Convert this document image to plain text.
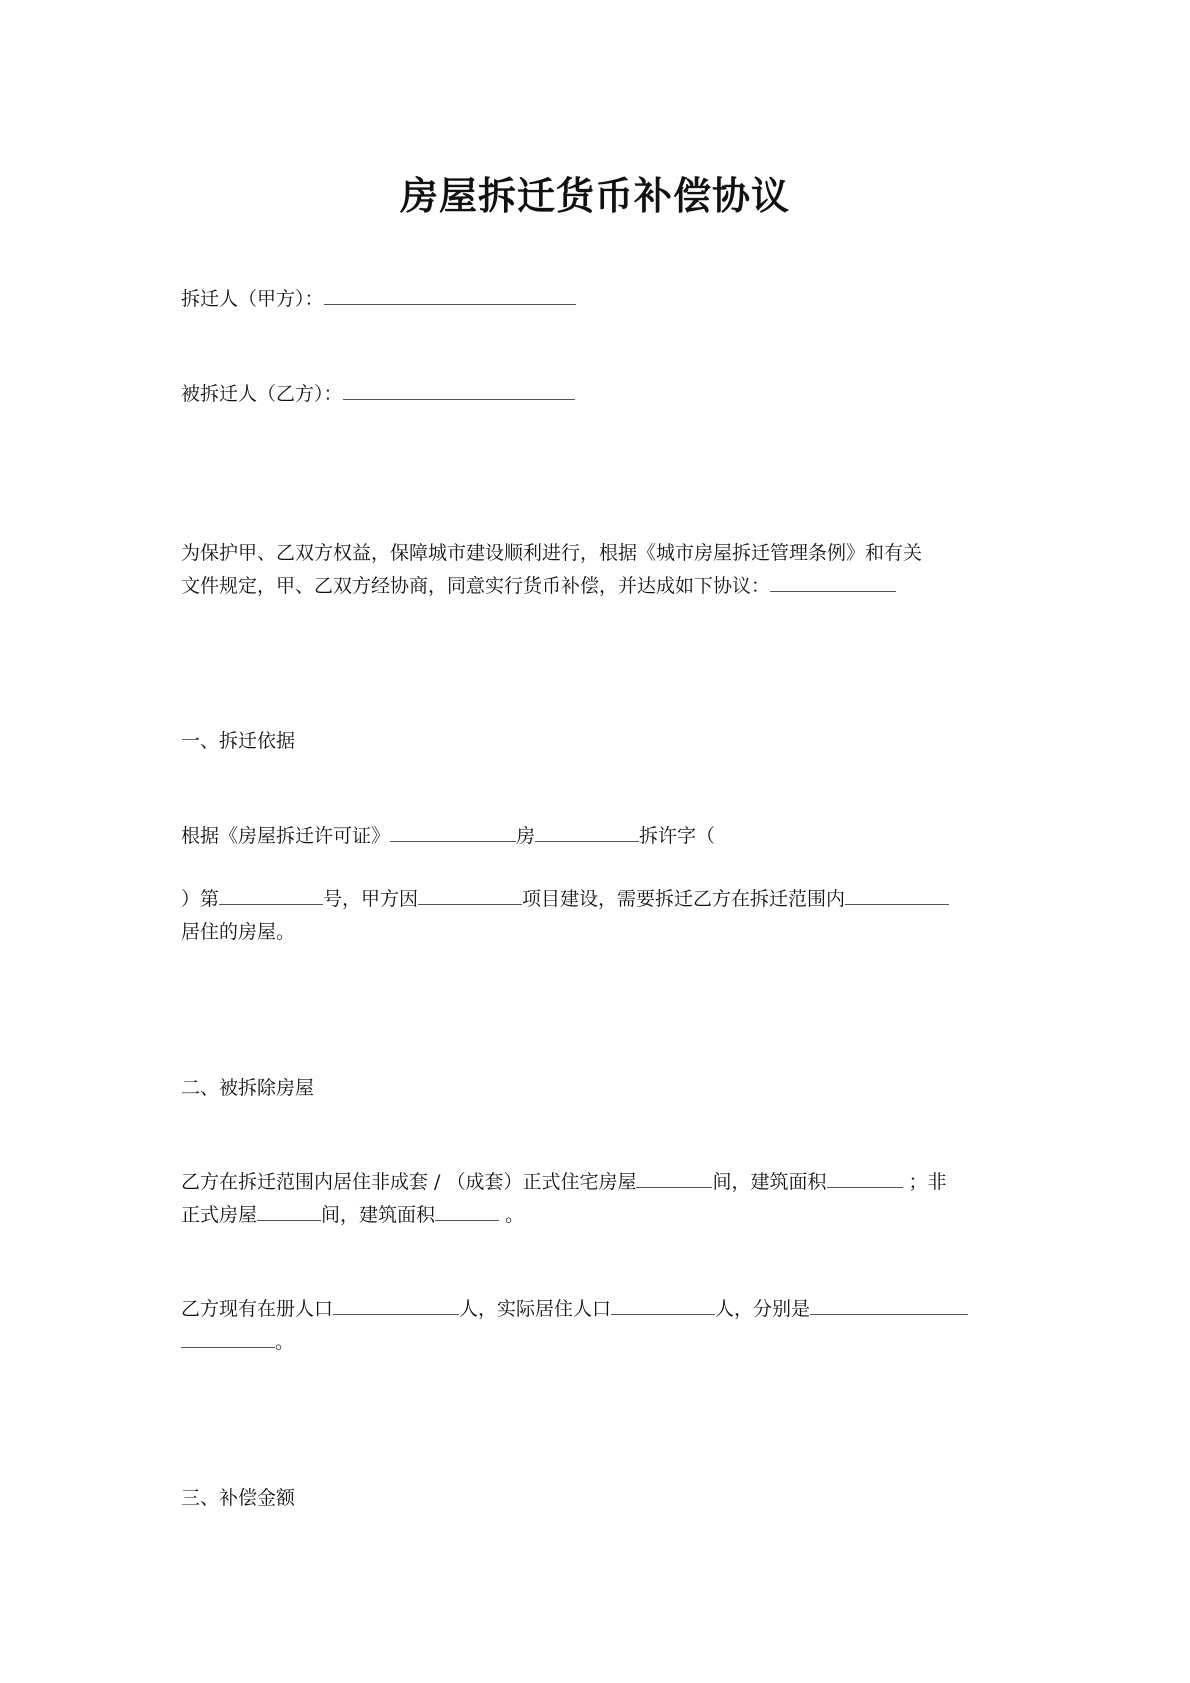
房屋拆迁货币补偿协议
拆迁人（甲方）：
被拆迁人（乙方）：
为保护甲、乙双方权益，保障城市建设顺利进行，根据《城市房屋拆迁管理条例》和有关
文件规定，甲、乙双方经协商，同意实行货币补偿，并达成如下协议：
一、拆迁依据
根据《房屋拆迁许可证》	房	拆许字（
）第	号，甲方因	项目建设，需要拆迁乙方在拆迁范围内
居住的房屋。
二、被拆除房屋
乙方在拆迁范围内居住非成套 / （成套）正式住宅房屋	间，建筑面积	；非
正式房屋	间，建筑面积	。
乙方现有在册人口	人，实际居住人口	人，分别是
。
三、补偿金额
